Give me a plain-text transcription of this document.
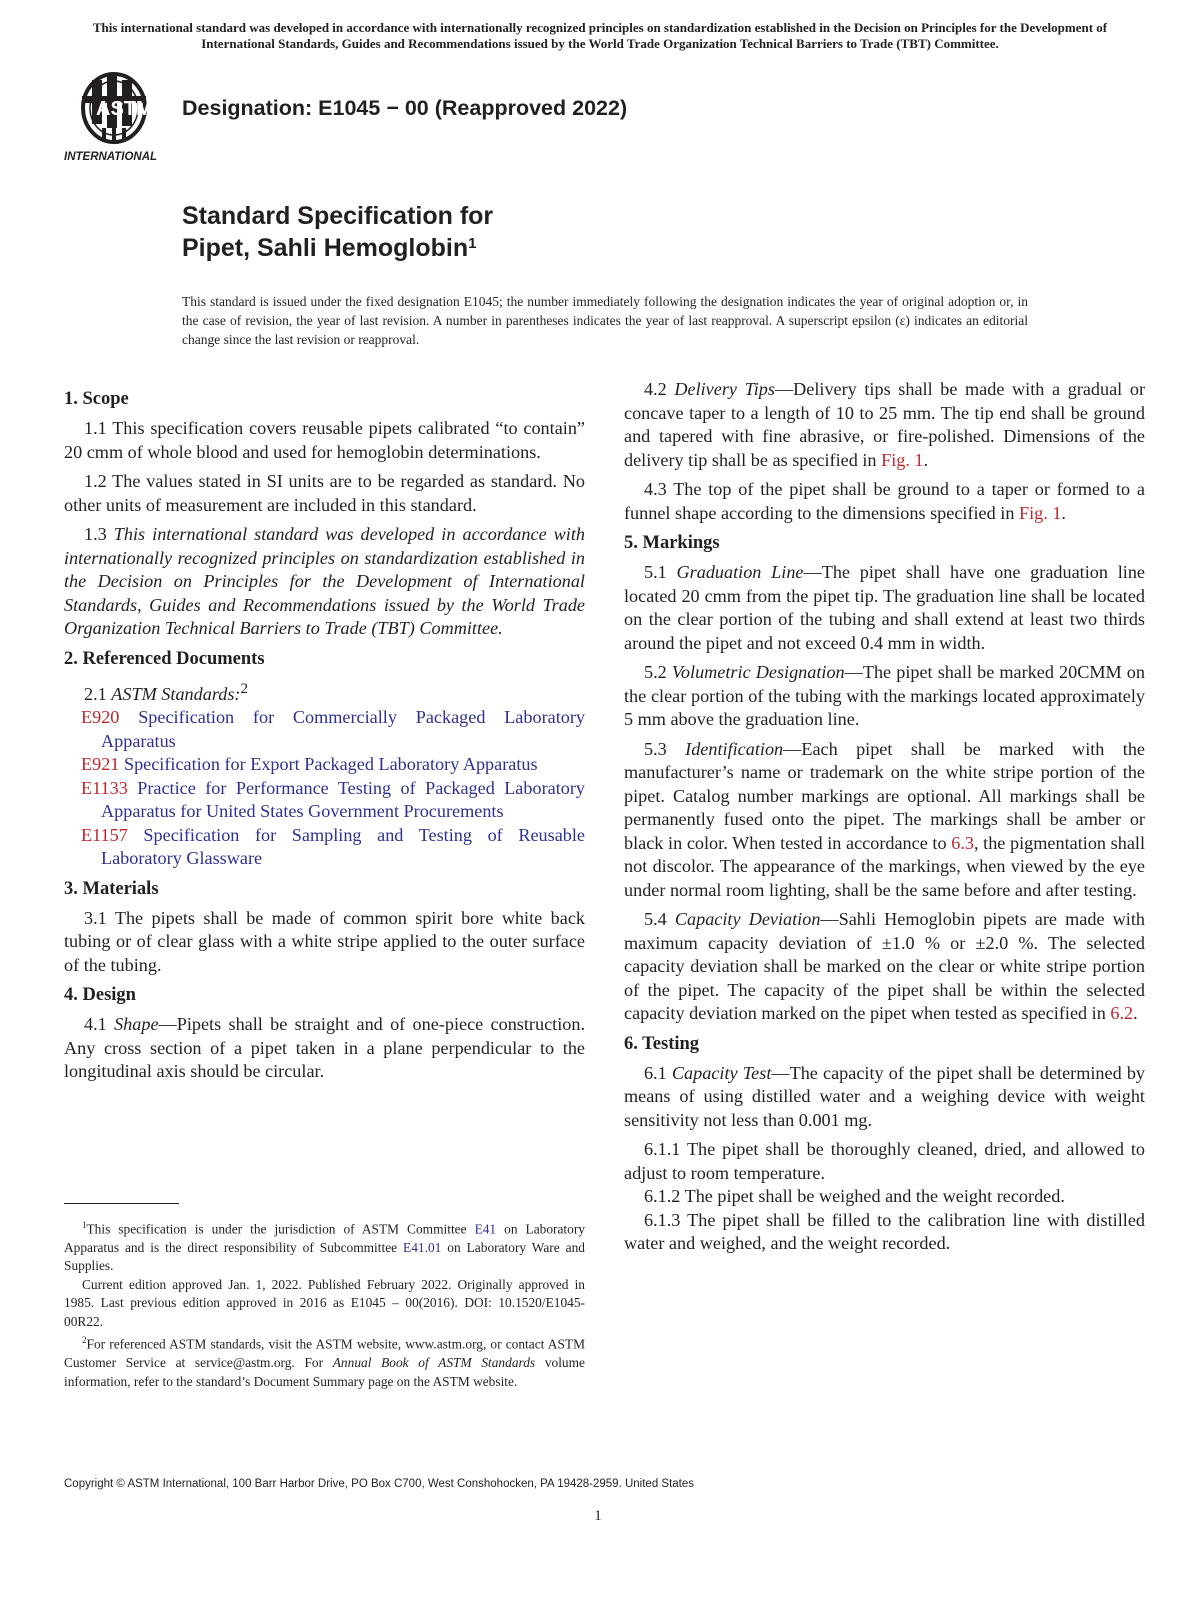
This international standard was developed in accordance with internationally recognized principles on standardization established in the Decision on Principles for the Development of International Standards, Guides and Recommendations issued by the World Trade Organization Technical Barriers to Trade (TBT) Committee.
ASTM
INTERNATIONAL
Designation: E1045 − 00 (Reapproved 2022)
Standard Specification for
Pipet, Sahli Hemoglobin$^1$
This standard is issued under the fixed designation E1045; the number immediately following the designation indicates the year of original adoption or, in the case of revision, the year of last revision. A number in parentheses indicates the year of last reapproval. A superscript epsilon (ε) indicates an editorial change since the last revision or reapproval.
1. Scope

1.1 This specification covers reusable pipets calibrated “to contain” 20 cmm of whole blood and used for hemoglobin determinations.

1.2 The values stated in SI units are to be regarded as standard. No other units of measurement are included in this standard.

1.3 This international standard was developed in accordance with internationally recognized principles on standardization established in the Decision on Principles for the Development of International Standards, Guides and Recommendations issued by the World Trade Organization Technical Barriers to Trade (TBT) Committee.

2. Referenced Documents

2.1 ASTM Standards:$^2$

E920 Specification for Commercially Packaged Laboratory Apparatus
E921 Specification for Export Packaged Laboratory Apparatus
E1133 Practice for Performance Testing of Packaged Laboratory Apparatus for United States Government Procurements
E1157 Specification for Sampling and Testing of Reusable Laboratory Glassware
3. Materials

3.1 The pipets shall be made of common spirit bore white back tubing or of clear glass with a white stripe applied to the outer surface of the tubing.

4. Design

4.1 Shape—Pipets shall be straight and of one-piece construction. Any cross section of a pipet taken in a plane perpendicular to the longitudinal axis should be circular.

$^1$This specification is under the jurisdiction of ASTM Committee E41 on Laboratory Apparatus and is the direct responsibility of Subcommittee E41.01 on Laboratory Ware and Supplies.

Current edition approved Jan. 1, 2022. Published February 2022. Originally approved in 1985. Last previous edition approved in 2016 as E1045 – 00(2016). DOI: 10.1520/E1045-00R22.

$^2$For referenced ASTM standards, visit the ASTM website, www.astm.org, or contact ASTM Customer Service at service@astm.org. For Annual Book of ASTM Standards volume information, refer to the standard’s Document Summary page on the ASTM website.

4.2 Delivery Tips—Delivery tips shall be made with a gradual or concave taper to a length of 10 to 25 mm. The tip end shall be ground and tapered with fine abrasive, or fire-polished. Dimensions of the delivery tip shall be as specified in Fig. 1.

4.3 The top of the pipet shall be ground to a taper or formed to a funnel shape according to the dimensions specified in Fig. 1.

5. Markings

5.1 Graduation Line—The pipet shall have one graduation line located 20 cmm from the pipet tip. The graduation line shall be located on the clear portion of the tubing and shall extend at least two thirds around the pipet and not exceed 0.4 mm in width.

5.2 Volumetric Designation—The pipet shall be marked 20CMM on the clear portion of the tubing with the markings located approximately 5 mm above the graduation line.

5.3 Identification—Each pipet shall be marked with the manufacturer’s name or trademark on the white stripe portion of the pipet. Catalog number markings are optional. All markings shall be permanently fused onto the pipet. The markings shall be amber or black in color. When tested in accordance to 6.3, the pigmentation shall not discolor. The appearance of the markings, when viewed by the eye under normal room lighting, shall be the same before and after testing.

5.4 Capacity Deviation—Sahli Hemoglobin pipets are made with maximum capacity deviation of ±1.0 % or ±2.0 %. The selected capacity deviation shall be marked on the clear or white stripe portion of the pipet. The capacity of the pipet shall be within the selected capacity deviation marked on the pipet when tested as specified in 6.2.

6. Testing

6.1 Capacity Test—The capacity of the pipet shall be determined by means of using distilled water and a weighing device with weight sensitivity not less than 0.001 mg.

6.1.1 The pipet shall be thoroughly cleaned, dried, and allowed to adjust to room temperature.

6.1.2 The pipet shall be weighed and the weight recorded.

6.1.3 The pipet shall be filled to the calibration line with distilled water and weighed, and the weight recorded.

Copyright © ASTM International, 100 Barr Harbor Drive, PO Box C700, West Conshohocken, PA 19428-2959. United States
1
